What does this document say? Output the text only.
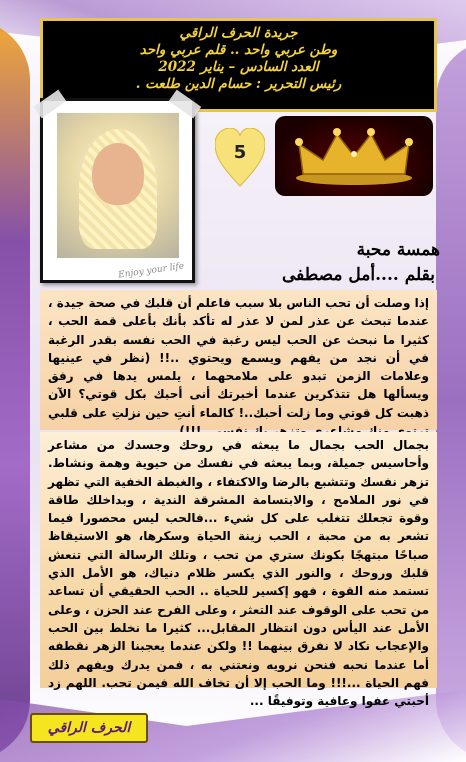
جريدة الحرف الراقي
وطن عربي واحد .. قلم عربي واحد
العدد السادس – يناير 2022
رئيس التحرير : حسام الدين طلعت .
Enjoy your life
5
همسة محبة
بقلم ....أمل مصطفى
إذا وصلت أن تحب الناس بلا سبب فاعلم أن قلبك في صحة جيدة ، عندما تبحث عن عذر لمن لا عذر له تأكد بأنك بأعلى قمة الحب ، كثيرا ما نبحث عن الحب ليس رغبة في الحب نفسه بقدر الرغبة في أن نجد من يفهم ويسمع ويحتوي ..!! (نظر في عينيها وعلامات الزمن تبدو على ملامحهما ، يلمس يدها في رفق ويسألها هل تتذكرين عندما أخبرتك أنى أحبك بكل قوتي؟ الآن ذهبت كل قوتي وما زلت أحبك..! كالماء أنتِ حين نزلتِ على قلبي
بجمال الحب بجمال ما يبعثه في روحك وجسدك من مشاعر وأحاسيس جميلة، وبما يبعثه في نفسك من حيوية وهمة ونشاط. تزهر نفسك وتتشبع بالرضا والاكتفاء ، والغبطة الخفية التي تظهر في نور الملامح ، والابتسامة المشرقة الندية ، وبداخلك طاقة وقوة تجعلك تتغلب على كل شيء ...فالحب ليس محصورا فيما تشعر به من محبة ، الحب زينة الحياة وسكرها، هو الاستيقاظ صباحًا مبتهجًا بكونك ستري من تحب ، وتلك الرسالة التي تنعش قلبك وروحك ، والنور الذي يكسر ظلام دنياك، هو الأمل الذي تستمد منه القوة ، فهو إكسير للحياة .. الحب الحقيقي أن تساعد من تحب على الوقوف عند التعثر ، وعلى الفرح عند الحزن ، وعلى الأمل عند اليأس دون انتظار المقابل... كثيرا ما نخلط بين الحب والإعجاب نكاد لا نفرق بينهما !! ولكن عندما يعجبنا الزهر نقطفه أما عندما نحبه فنحن نرويه ونعتني به ، فمن يدرك ويفهم ذلك فهم الحياة ...!!! وما الحب إلا أن تخاف الله فيمن تحب. اللهم زد أحبتي عفوا وعافية وتوفيقًا ...
الحرف الراقي
